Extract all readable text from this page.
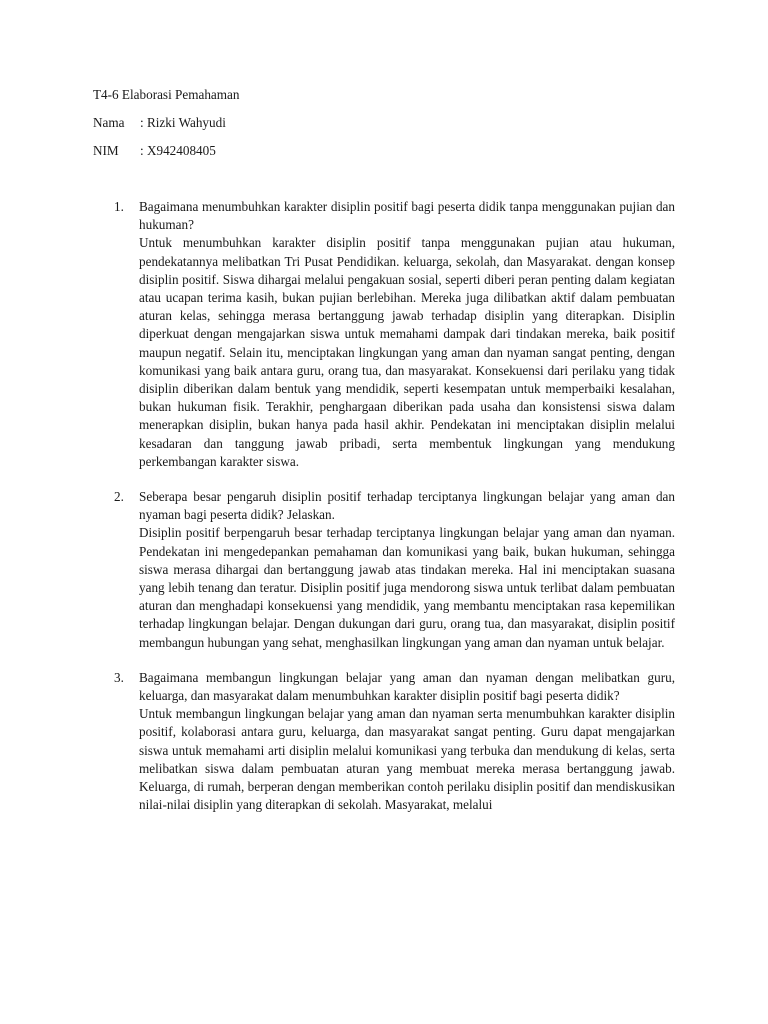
T4-6 Elaborasi Pemahaman
Nama : Rizki Wahyudi
NIM : X942408405
1. Bagaimana menumbuhkan karakter disiplin positif bagi peserta didik tanpa menggunakan pujian dan hukuman?

Untuk menumbuhkan karakter disiplin positif tanpa menggunakan pujian atau hukuman, pendekatannya melibatkan Tri Pusat Pendidikan. keluarga, sekolah, dan Masyarakat. dengan konsep disiplin positif. Siswa dihargai melalui pengakuan sosial, seperti diberi peran penting dalam kegiatan atau ucapan terima kasih, bukan pujian berlebihan. Mereka juga dilibatkan aktif dalam pembuatan aturan kelas, sehingga merasa bertanggung jawab terhadap disiplin yang diterapkan. Disiplin diperkuat dengan mengajarkan siswa untuk memahami dampak dari tindakan mereka, baik positif maupun negatif. Selain itu, menciptakan lingkungan yang aman dan nyaman sangat penting, dengan komunikasi yang baik antara guru, orang tua, dan masyarakat. Konsekuensi dari perilaku yang tidak disiplin diberikan dalam bentuk yang mendidik, seperti kesempatan untuk memperbaiki kesalahan, bukan hukuman fisik. Terakhir, penghargaan diberikan pada usaha dan konsistensi siswa dalam menerapkan disiplin, bukan hanya pada hasil akhir. Pendekatan ini menciptakan disiplin melalui kesadaran dan tanggung jawab pribadi, serta membentuk lingkungan yang mendukung perkembangan karakter siswa.

2. Seberapa besar pengaruh disiplin positif terhadap terciptanya lingkungan belajar yang aman dan nyaman bagi peserta didik? Jelaskan.

Disiplin positif berpengaruh besar terhadap terciptanya lingkungan belajar yang aman dan nyaman. Pendekatan ini mengedepankan pemahaman dan komunikasi yang baik, bukan hukuman, sehingga siswa merasa dihargai dan bertanggung jawab atas tindakan mereka. Hal ini menciptakan suasana yang lebih tenang dan teratur. Disiplin positif juga mendorong siswa untuk terlibat dalam pembuatan aturan dan menghadapi konsekuensi yang mendidik, yang membantu menciptakan rasa kepemilikan terhadap lingkungan belajar. Dengan dukungan dari guru, orang tua, dan masyarakat, disiplin positif membangun hubungan yang sehat, menghasilkan lingkungan yang aman dan nyaman untuk belajar.

3. Bagaimana membangun lingkungan belajar yang aman dan nyaman dengan melibatkan guru, keluarga, dan masyarakat dalam menumbuhkan karakter disiplin positif bagi peserta didik?

Untuk membangun lingkungan belajar yang aman dan nyaman serta menumbuhkan karakter disiplin positif, kolaborasi antara guru, keluarga, dan masyarakat sangat penting. Guru dapat mengajarkan siswa untuk memahami arti disiplin melalui komunikasi yang terbuka dan mendukung di kelas, serta melibatkan siswa dalam pembuatan aturan yang membuat mereka merasa bertanggung jawab. Keluarga, di rumah, berperan dengan memberikan contoh perilaku disiplin positif dan mendiskusikan nilai-nilai disiplin yang diterapkan di sekolah. Masyarakat, melalui
